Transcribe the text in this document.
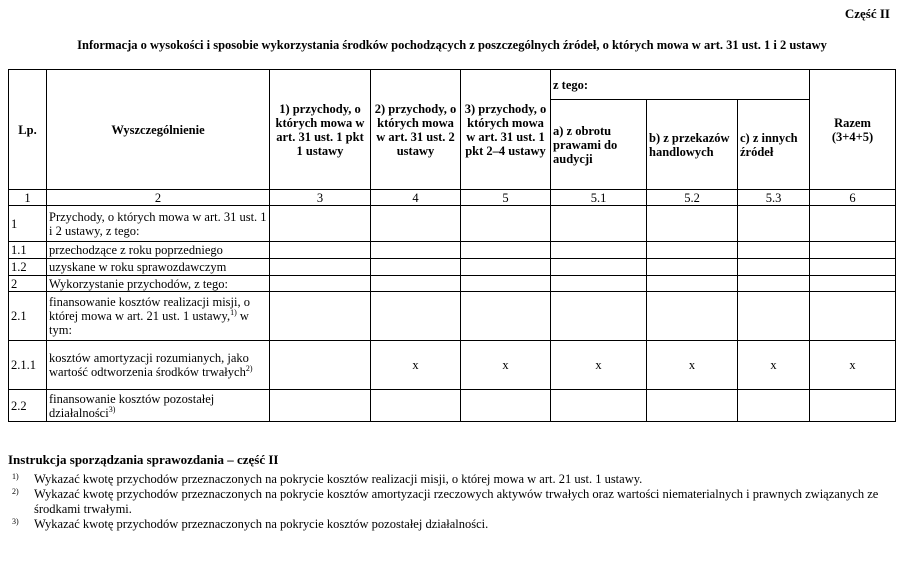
Część II
Informacja o wysokości i sposobie wykorzystania środków pochodzących z poszczególnych źródeł, o których mowa w art. 31 ust. 1 i 2 ustawy
Lp.	Wyszczególnienie	1) przychody, o których mowa w art. 31 ust. 1 pkt 1 ustawy	2) przychody, o których mowa w art. 31 ust. 2 ustawy	3) przychody, o których mowa w art. 31 ust. 1 pkt 2–4 ustawy	z tego:			Razem (3+4+5)
					a) z obrotu prawami do audycji	b) z przekazów handlowych	c) z innych źródeł	
1	2	3	4	5	5.1	5.2	5.3	6
1	Przychody, o których mowa w art. 31 ust. 1 i 2 ustawy, z tego:							
1.1	przechodzące z roku poprzedniego							
1.2	uzyskane w roku sprawozdawczym							
2	Wykorzystanie przychodów, z tego:							
2.1	finansowanie kosztów realizacji misji, o której mowa w art. 21 ust. 1 ustawy,$^{1)}$ w tym:							
2.1.1	kosztów amortyzacji rozumianych, jako wartość odtworzenia środków trwałych$^{2)}$		x	x	x	x	x	x
2.2	finansowanie kosztów pozostałej działalności$^{3)}$							
Instrukcja sporządzania sprawozdania – część II
1) Wykazać kwotę przychodów przeznaczonych na pokrycie kosztów realizacji misji, o której mowa w art. 21 ust. 1 ustawy.
2) Wykazać kwotę przychodów przeznaczonych na pokrycie kosztów amortyzacji rzeczowych aktywów trwałych oraz wartości niematerialnych i prawnych związanych ze środkami trwałymi.
3) Wykazać kwotę przychodów przeznaczonych na pokrycie kosztów pozostałej działalności.
